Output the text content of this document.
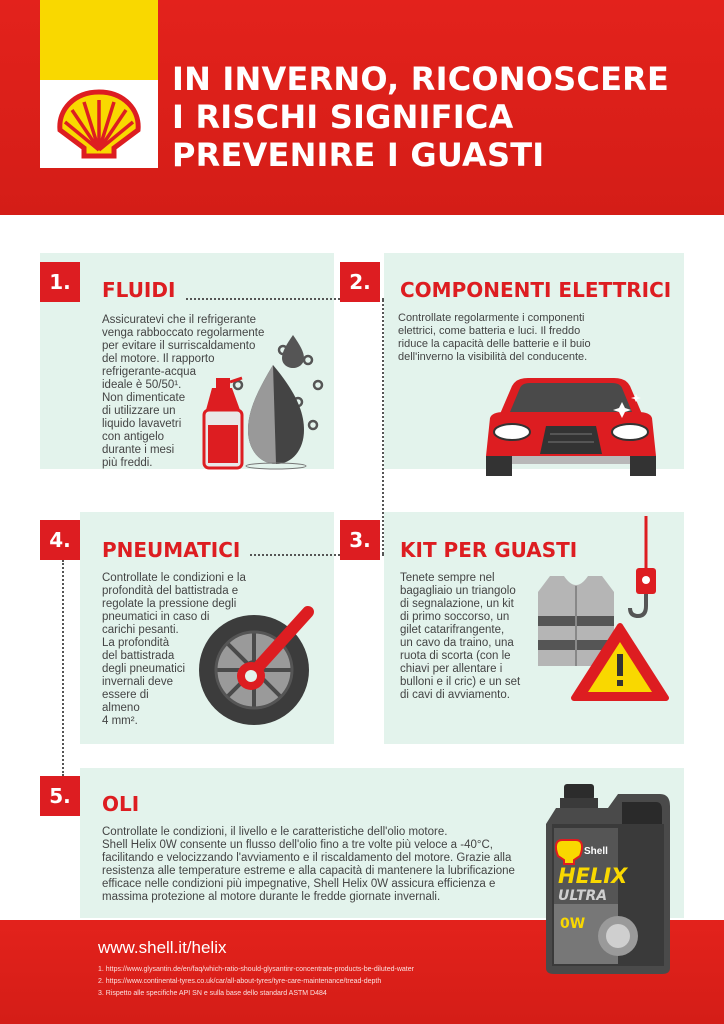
IN INVERNO, RICONOSCERE
I RISCHI SIGNIFICA
PREVENIRE I GUASTI
1.	FLUIDI
Assicuratevi che il refrigerante
venga rabboccato regolarmente
per evitare il surriscaldamento
del motore. Il rapporto
refrigerante-acqua
ideale è 50/50¹.
Non dimenticate
di utilizzare un
liquido lavavetri
con antigelo
durante i mesi
più freddi.
2.	COMPONENTI ELETTRICI
Controllate regolarmente i componenti
elettrici, come batteria e luci. Il freddo
riduce la capacità delle batterie e il buio
dell'inverno la visibilità del conducente.
4.	PNEUMATICI
Controllate le condizioni e la
profondità del battistrada e
regolate la pressione degli
pneumatici in caso di
carichi pesanti.
La profondità
del battistrada
degli pneumatici
invernali deve
essere di
almeno
4 mm².
3.	KIT PER GUASTI
Tenete sempre nel
bagagliaio un triangolo
di segnalazione, un kit
di primo soccorso, un
gilet catarifrangente,
un cavo da traino, una
ruota di scorta (con le
chiavi per allentare i
bulloni e il cric) e un set
di cavi di avviamento.
5.	OLI
Controllate le condizioni, il livello e le caratteristiche dell'olio motore.
Shell Helix 0W consente un flusso dell'olio fino a tre volte più veloce a -40°C,
facilitando e velocizzando l'avviamento e il riscaldamento del motore. Grazie alla
resistenza alle temperature estreme e alla capacità di mantenere la lubrificazione
efficace nelle condizioni più impegnative, Shell Helix 0W assicura efficienza e
massima protezione al motore durante le fredde giornate invernali.
www.shell.it/helix
1. https://www.glysantin.de/en/faq/which-ratio-should-glysantinr-concentrate-products-be-diluted-water
2. https://www.continental-tyres.co.uk/car/all-about-tyres/tyre-care-maintenance/tread-depth
3. Rispetto alle specifiche API SN e sulla base dello standard ASTM D484
Shell
HELIX
ULTRA
0W
